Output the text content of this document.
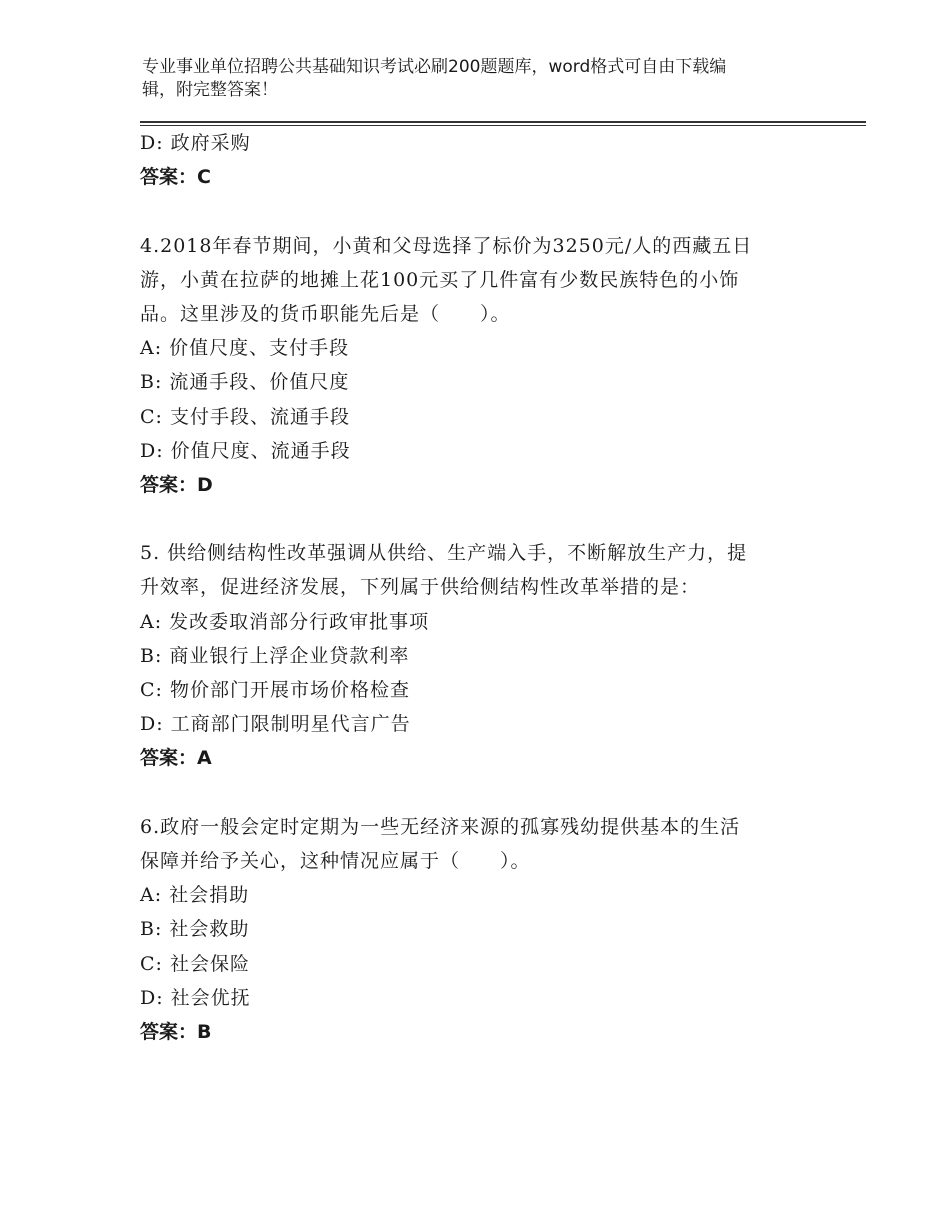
专业事业单位招聘公共基础知识考试必刷200题题库，word格式可自由下载编
辑，附完整答案！
D: 政府采购
答案：C
4.2018年春节期间，小黄和父母选择了标价为3250元/人的西藏五日
游，小黄在拉萨的地摊上花100元买了几件富有少数民族特色的小饰
品。这里涉及的货币职能先后是（　　）。
A: 价值尺度、支付手段
B: 流通手段、价值尺度
C: 支付手段、流通手段
D: 价值尺度、流通手段
答案：D
5. 供给侧结构性改革强调从供给、生产端入手，不断解放生产力，提
升效率，促进经济发展，下列属于供给侧结构性改革举措的是：
A: 发改委取消部分行政审批事项
B: 商业银行上浮企业贷款利率
C: 物价部门开展市场价格检查
D: 工商部门限制明星代言广告
答案：A
6.政府一般会定时定期为一些无经济来源的孤寡残幼提供基本的生活
保障并给予关心，这种情况应属于（　　）。
A: 社会捐助
B: 社会救助
C: 社会保险
D: 社会优抚
答案：B
